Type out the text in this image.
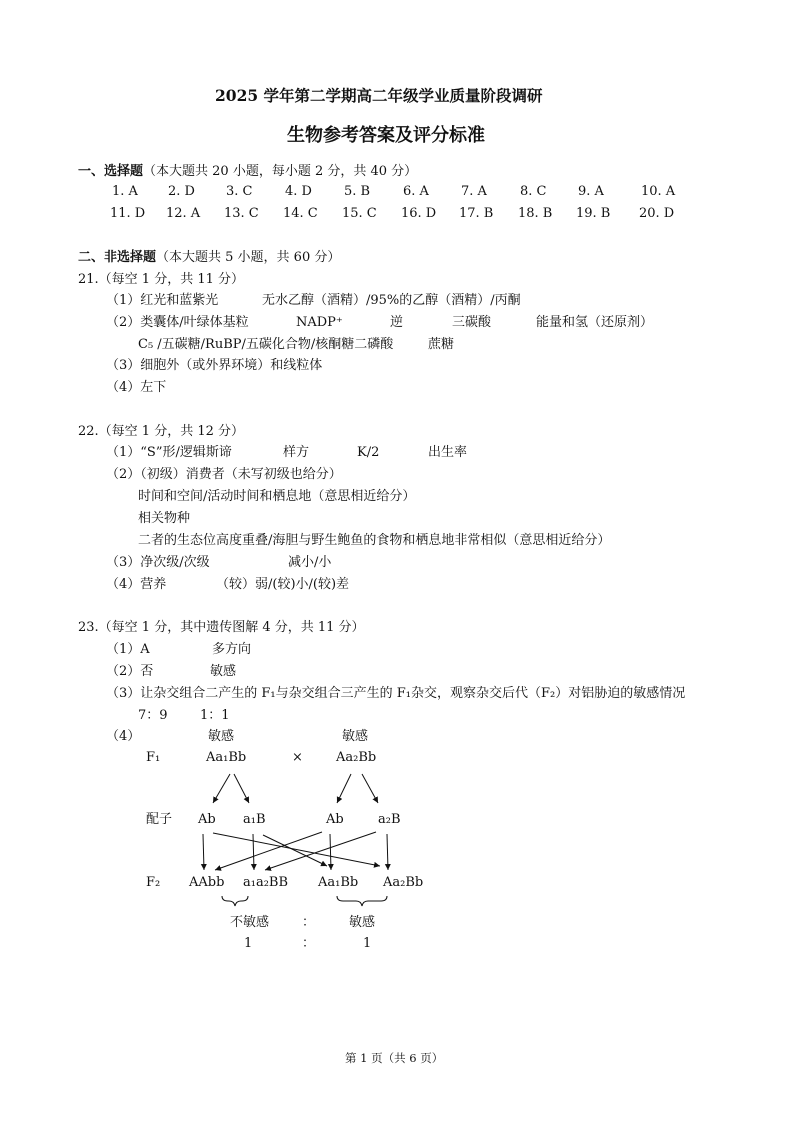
2025 学年第二学期高二年级学业质量阶段调研
生物参考答案及评分标准
一、选择题（本大题共 20 小题，每小题 2 分，共 40 分）
1. A 2. D 3. C	4. D 5. B	6. A 7. A	8. C 9. A	10. A
11. D 12. A 13. C 14. C 15. C 16. D 17. B 18. B 19. B 20. D
二、非选择题（本大题共 5 小题，共 60 分）
21.（每空 1 分，共 11 分）
（1）红光和蓝紫光	无水乙醇（酒精）/95%的乙醇（酒精）/丙酮
（2）类囊体/叶绿体基粒	NADP⁺	逆	三碳酸	能量和氢（还原剂）
C₅ /五碳糖/RuBP/五碳化合物/核酮糖二磷酸	蔗糖
（3）细胞外（或外界环境）和线粒体
（4）左下
22.（每空 1 分，共 12 分）
（1）“S”形/逻辑斯谛	样方	K/2	出生率
（2）（初级）消费者（未写初级也给分）
时间和空间/活动时间和栖息地（意思相近给分）
相关物种
二者的生态位高度重叠/海胆与野生鲍鱼的食物和栖息地非常相似（意思相近给分）
（3）净次级/次级	减小/小
（4）营养	（较）弱/(较)小/(较)差
23.（每空 1 分，其中遗传图解 4 分，共 11 分）
（1）A	多方向
（2）否	敏感
（3）让杂交组合二产生的 F₁与杂交组合三产生的 F₁杂交，观察杂交后代（F₂）对铝胁迫的敏感情况
7：9 1：1
（4）	敏感	敏感
F₁	Aa₁Bb	×	Aa₂Bb
配子 Ab a₁B	Ab	a₂B
F₂ AAbb a₁a₂BB Aa₁Bb Aa₂Bb
不敏感	：	敏感
1	：	1
第 1 页（共 6 页）
